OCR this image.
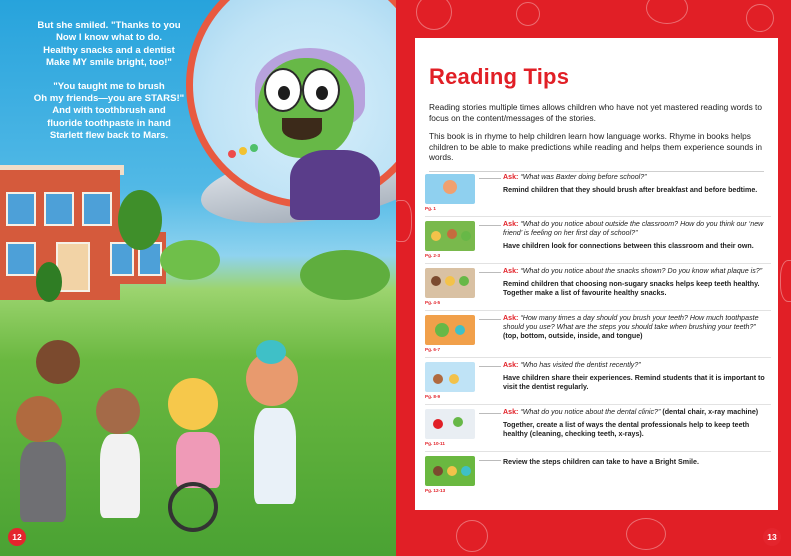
But she smiled. "Thanks to you
Now I know what to do.
Healthy snacks and a dentist
Make MY smile bright, too!"
"You taught me to brush
Oh my friends—you are STARS!"
And with toothbrush and
fluoride toothpaste in hand
Starlett flew back to Mars.
12
Reading Tips

Reading stories multiple times allows children who have not yet mastered reading words to focus on the content/messages of the stories.

This book is in rhyme to help children learn how language works. Rhyme in books helps children to be able to make predictions while reading and helps them experience sounds in words.

Pg. 1
Ask: “What was Baxter doing before school?”
Remind children that they should brush after breakfast and before bedtime.
Pg. 2-3
Ask: “What do you notice about outside the classroom? How do you think our ‘new friend’ is feeling on her first day of school?”
Have children look for connections between this classroom and their own.
Pg. 4-5
Ask: “What do you notice about the snacks shown? Do you know what plaque is?”
Remind children that choosing non-sugary snacks helps keep teeth healthy. Together make a list of favourite healthy snacks.
Pg. 6-7
Ask: “How many times a day should you brush your teeth? How much toothpaste should you use? What are the steps you should take when brushing your teeth?” (top, bottom, outside, inside, and tongue)
Pg. 8-9
Ask: “Who has visited the dentist recently?”
Have children share their experiences. Remind students that it is important to visit the dentist regularly.
Pg. 10-11
Ask: “What do you notice about the dental clinic?” (dental chair, x-ray machine)
Together, create a list of ways the dental professionals help to keep teeth healthy (cleaning, checking teeth, x-rays).
Pg. 12-13
Review the steps children can take to have a Bright Smile.
13
